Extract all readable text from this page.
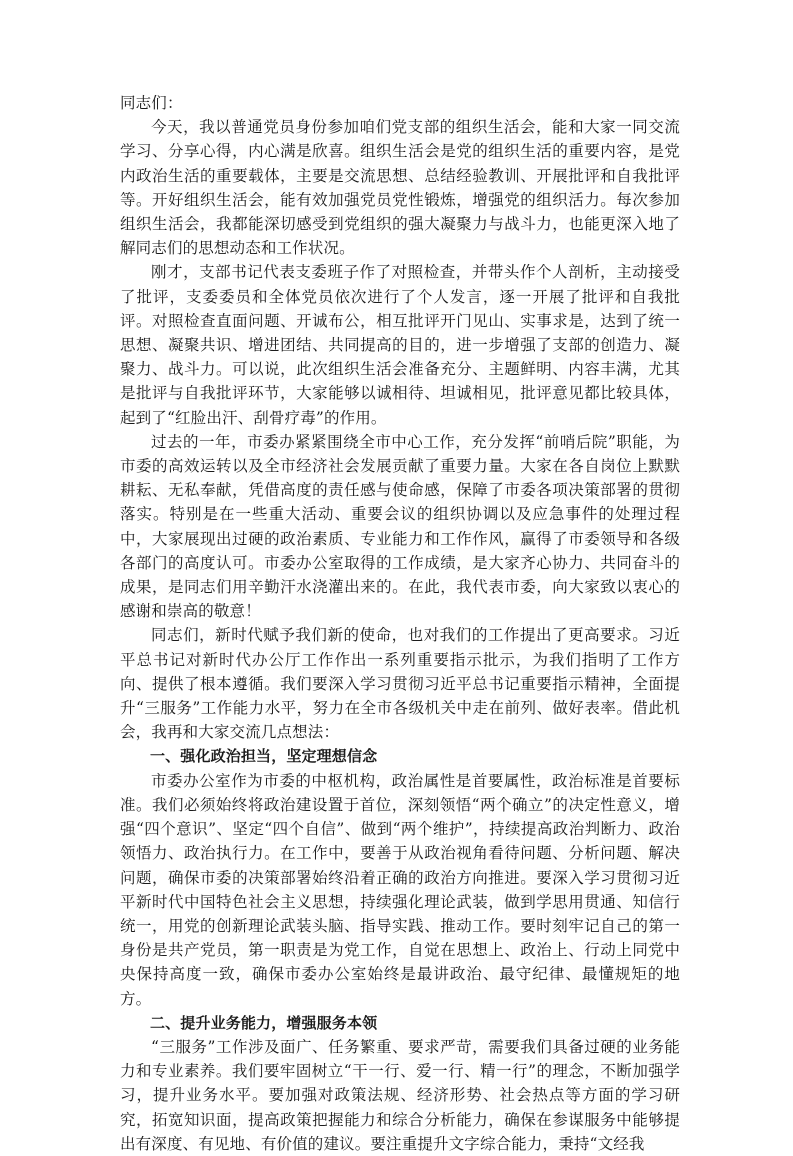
同志们：

今天，我以普通党员身份参加咱们党支部的组织生活会，能和大家一同交流学习、分享心得，内心满是欣喜。组织生活会是党的组织生活的重要内容，是党内政治生活的重要载体，主要是交流思想、总结经验教训、开展批评和自我批评等。开好组织生活会，能有效加强党员党性锻炼，增强党的组织活力。每次参加组织生活会，我都能深切感受到党组织的强大凝聚力与战斗力，也能更深入地了解同志们的思想动态和工作状况。

刚才，支部书记代表支委班子作了对照检查，并带头作个人剖析，主动接受了批评，支委委员和全体党员依次进行了个人发言，逐一开展了批评和自我批评。对照检查直面问题、开诚布公，相互批评开门见山、实事求是，达到了统一思想、凝聚共识、增进团结、共同提高的目的，进一步增强了支部的创造力、凝聚力、战斗力。可以说，此次组织生活会准备充分、主题鲜明、内容丰满，尤其是批评与自我批评环节，大家能够以诚相待、坦诚相见，批评意见都比较具体，起到了“红脸出汗、刮骨疗毒”的作用。

过去的一年，市委办紧紧围绕全市中心工作，充分发挥“前哨后院”职能，为市委的高效运转以及全市经济社会发展贡献了重要力量。大家在各自岗位上默默耕耘、无私奉献，凭借高度的责任感与使命感，保障了市委各项决策部署的贯彻落实。特别是在一些重大活动、重要会议的组织协调以及应急事件的处理过程中，大家展现出过硬的政治素质、专业能力和工作作风，赢得了市委领导和各级各部门的高度认可。市委办公室取得的工作成绩，是大家齐心协力、共同奋斗的成果，是同志们用辛勤汗水浇灌出来的。在此，我代表市委，向大家致以衷心的感谢和崇高的敬意！

同志们，新时代赋予我们新的使命，也对我们的工作提出了更高要求。习近平总书记对新时代办公厅工作作出一系列重要指示批示，为我们指明了工作方向、提供了根本遵循。我们要深入学习贯彻习近平总书记重要指示精神，全面提升“三服务”工作能力水平，努力在全市各级机关中走在前列、做好表率。借此机会，我再和大家交流几点想法：

一、强化政治担当，坚定理想信念

市委办公室作为市委的中枢机构，政治属性是首要属性，政治标准是首要标准。我们必须始终将政治建设置于首位，深刻领悟“两个确立”的决定性意义，增强“四个意识”、坚定“四个自信”、做到“两个维护”，持续提高政治判断力、政治领悟力、政治执行力。在工作中，要善于从政治视角看待问题、分析问题、解决问题，确保市委的决策部署始终沿着正确的政治方向推进。要深入学习贯彻习近平新时代中国特色社会主义思想，持续强化理论武装，做到学思用贯通、知信行统一，用党的创新理论武装头脑、指导实践、推动工作。要时刻牢记自己的第一身份是共产党员，第一职责是为党工作，自觉在思想上、政治上、行动上同党中央保持高度一致，确保市委办公室始终是最讲政治、最守纪律、最懂规矩的地方。

二、提升业务能力，增强服务本领

“三服务”工作涉及面广、任务繁重、要求严苛，需要我们具备过硬的业务能力和专业素养。我们要牢固树立“干一行、爱一行、精一行”的理念，不断加强学习，提升业务水平。要加强对政策法规、经济形势、社会热点等方面的学习研究，拓宽知识面，提高政策把握能力和综合分析能力，确保在参谋服务中能够提出有深度、有见地、有价值的建议。要注重提升文字综合能力，秉持“文经我
